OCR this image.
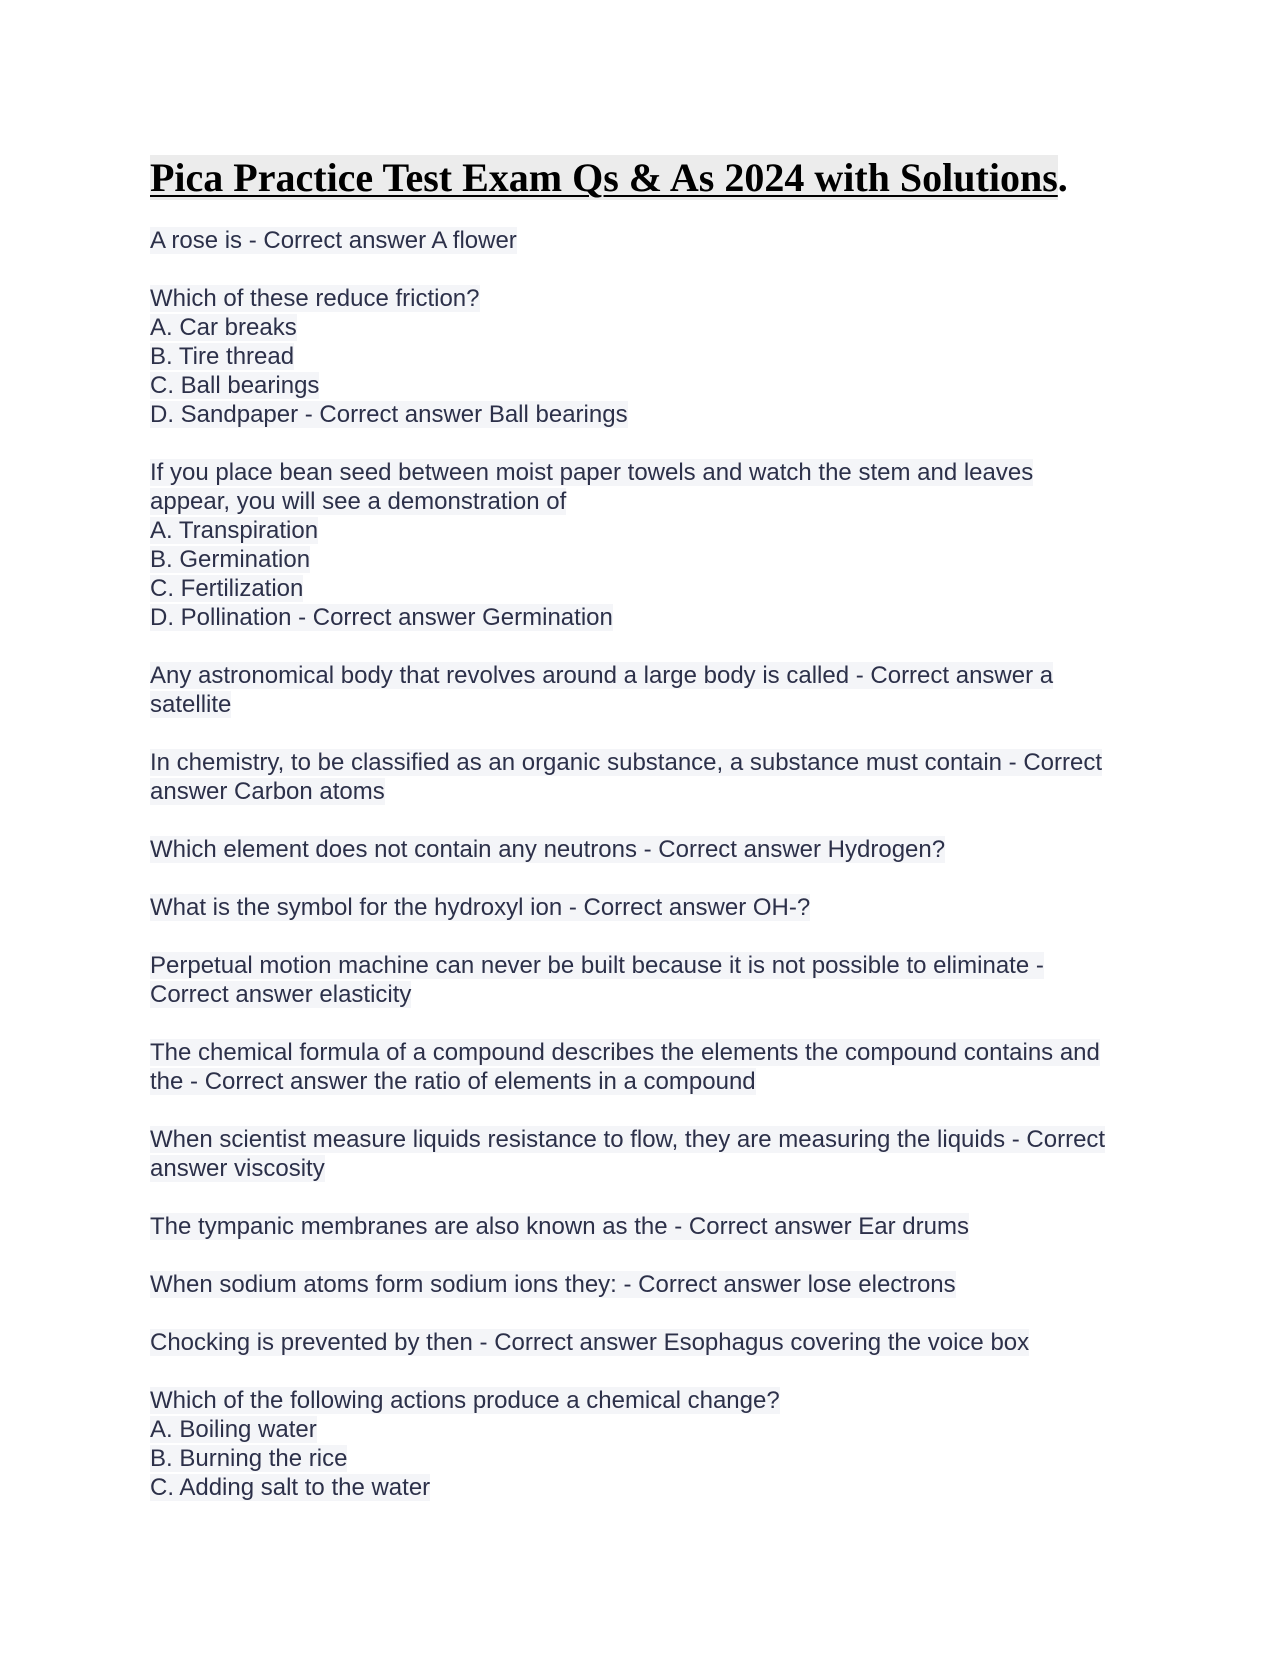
Pica Practice Test Exam Qs & As 2024 with Solutions.
A rose is - Correct answer A flower
Which of these reduce friction?
A. Car breaks
B. Tire thread
C. Ball bearings
D. Sandpaper - Correct answer Ball bearings
If you place bean seed between moist paper towels and watch the stem and leaves appear, you will see a demonstration of
A. Transpiration
B. Germination
C. Fertilization
D. Pollination - Correct answer Germination
Any astronomical body that revolves around a large body is called - Correct answer a satellite
In chemistry, to be classified as an organic substance, a substance must contain - Correct answer Carbon atoms
Which element does not contain any neutrons - Correct answer Hydrogen?
What is the symbol for the hydroxyl ion - Correct answer OH-?
Perpetual motion machine can never be built because it is not possible to eliminate - Correct answer elasticity
The chemical formula of a compound describes the elements the compound contains and the - Correct answer the ratio of elements in a compound
When scientist measure liquids resistance to flow, they are measuring the liquids - Correct answer viscosity
The tympanic membranes are also known as the - Correct answer Ear drums
When sodium atoms form sodium ions they: - Correct answer lose electrons
Chocking is prevented by then - Correct answer Esophagus covering the voice box
Which of the following actions produce a chemical change?
A. Boiling water
B. Burning the rice
C. Adding salt to the water
